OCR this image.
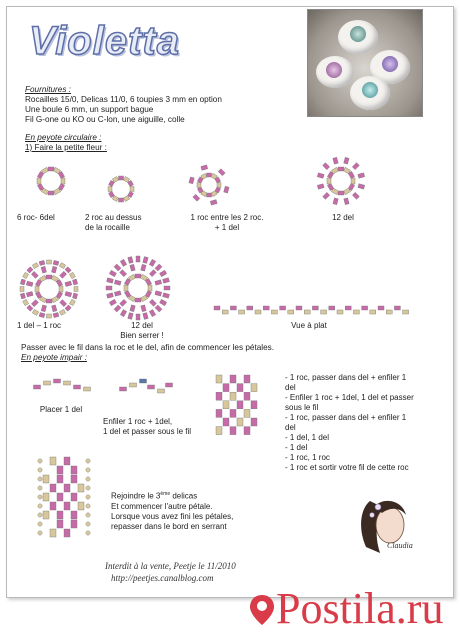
Violetta

Fournitures :

Rocailles 15/0, Delicas 11/0, 6 toupies 3 mm en option

Une boule 6 mm, un support bague

Fil G-one ou KO ou C-lon, une aiguille, colle

En peyote circulaire :

1) Faire la petite fleur :

6 roc- 6del	2 roc au dessus
de la rocaille
1 roc entre les 2 roc.
+ 1 del
12 del
1 del – 1 roc	12 del
Bien serrer !
Vue à plat

Passer avec le fil dans la roc et le del, afin de commencer les pétales.

En peyote impair :

Placer 1 del
Enfiler 1 roc + 1del,
1 del et passer sous le fil
- 1 roc, passer dans del + enfiler 1 del
- Enfiler 1 roc + 1del, 1 del et passer sous le fil
- 1 roc, passer dans del + enfiler 1 del
- 1 del, 1 del
- 1 del
- 1 roc, 1 roc
- 1 roc et sortir votre fil de cette roc
Rejoindre le 3ème delicas
Et commencer l'autre pétale.
Lorsque vous avez fini les pétales,
repasser dans le bord en serrant
Claudia
Interdit à la vente, Peetje le 11/2010
http://peetjes.canalblog.com
Postila.ru
